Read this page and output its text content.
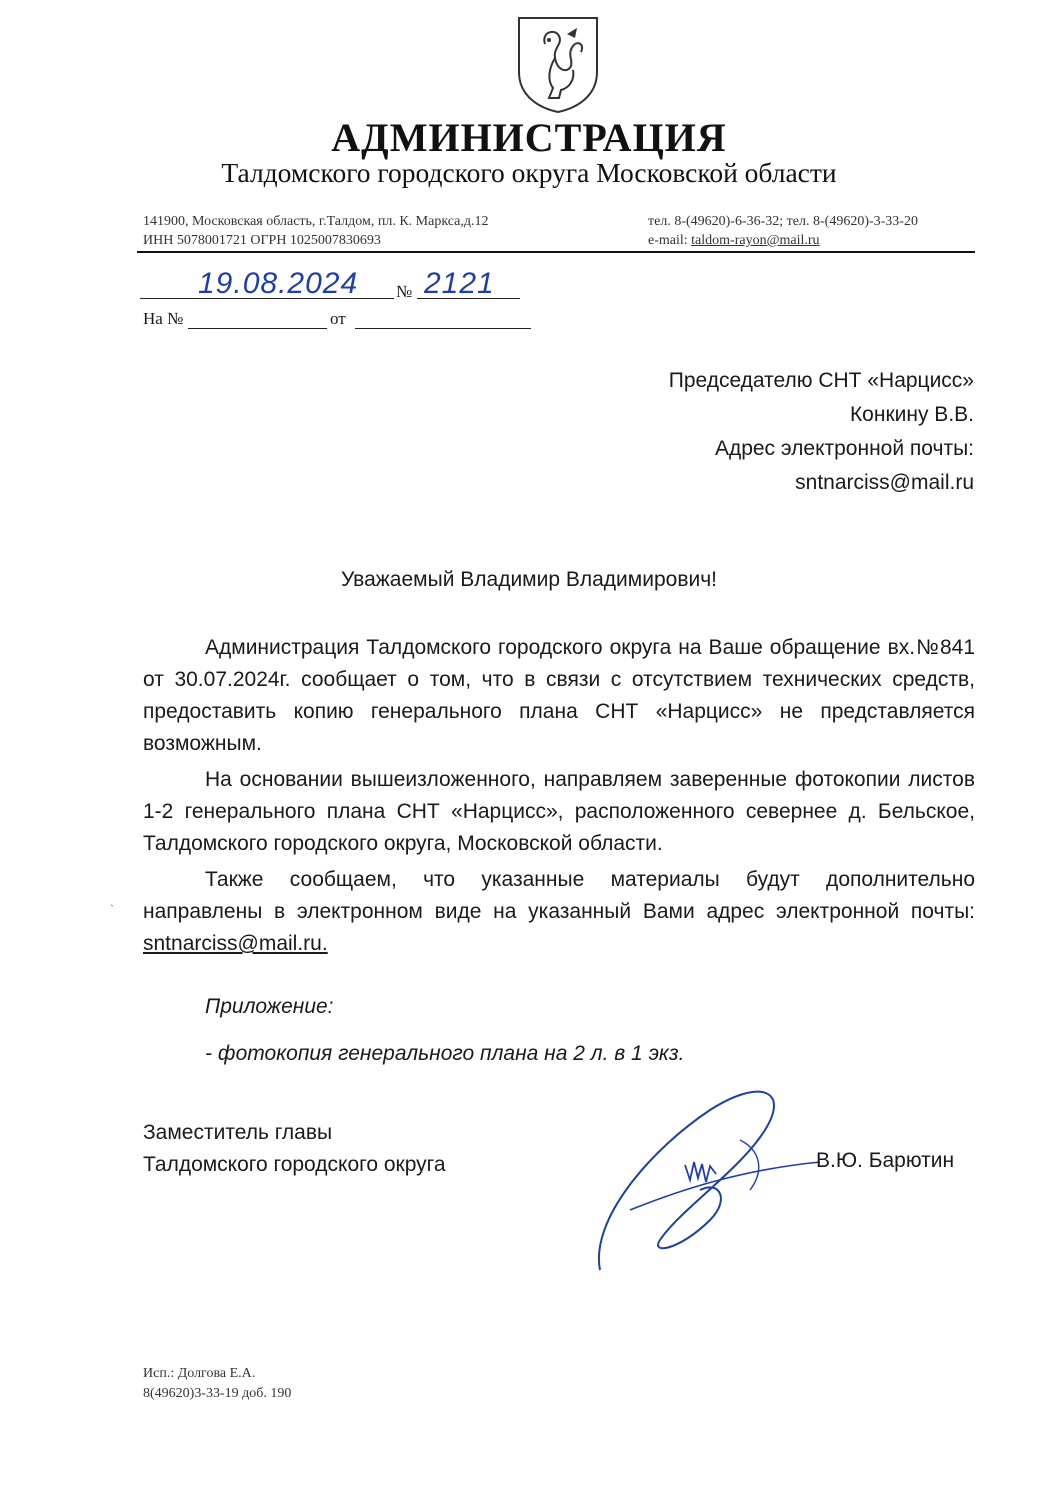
АДМИНИСТРАЦИЯ
Талдомского городского округа Московской области
141900, Московская область, г.Талдом, пл. К. Маркса,д.12
ИНН 5078001721 ОГРН 1025007830693
тел. 8-(49620)-6-36-32; тел. 8-(49620)-3-33-20
e-mail: taldom-rayon@mail.ru
19.08.2024 № 2121
На №	от
Председателю СНТ «Нарцисс»
Конкину В.В.
Адрес электронной почты:
sntnarciss@mail.ru
Уважаемый Владимир Владимирович!
Администрация Талдомского городского округа на Ваше обращение вх.№841 от 30.07.2024г. сообщает о том, что в связи с отсутствием технических средств, предоставить копию генерального плана СНТ «Нарцисс» не представляется возможным.
На основании вышеизложенного, направляем заверенные фотокопии листов 1-2 генерального плана СНТ «Нарцисс», расположенного севернее д. Бельское, Талдомского городского округа, Московской области.
Также сообщаем, что указанные материалы будут дополнительно направлены в электронном виде на указанный Вами адрес электронной почты: sntnarciss@mail.ru.
`
Приложение:
- фотокопия генерального плана на 2 л. в 1 экз.
Заместитель главы
Талдомского городского округа	В.Ю. Барютин
Исп.: Долгова Е.А.
8(49620)3-33-19 доб. 190
